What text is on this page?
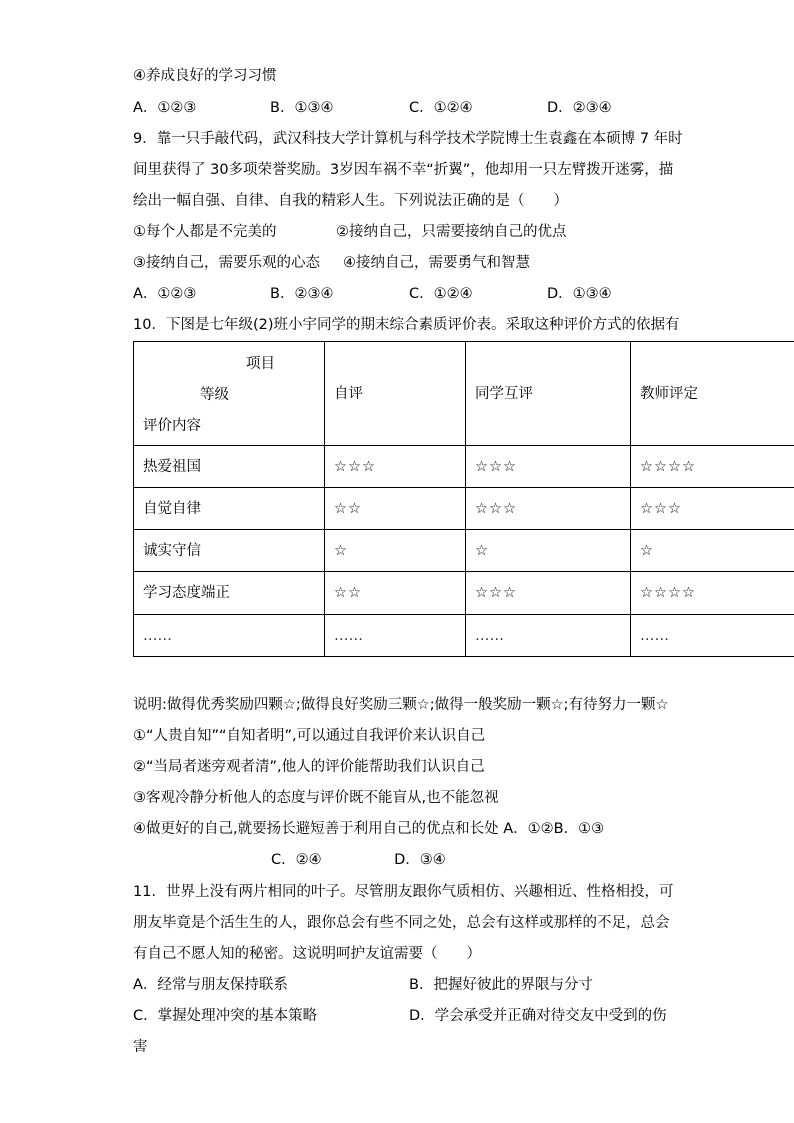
④养成良好的学习习惯
A．①②③	B．①③④	C．①②④	D．②③④
9．靠一只手敲代码，武汉科技大学计算机与科学技术学院博士生袁鑫在本硕博 7 年时
间里获得了 30多项荣誉奖励。3岁因车祸不幸“折翼”，他却用一只左臂拨开迷雾，描
绘出一幅自强、自律、自我的精彩人生。下列说法正确的是（　　）
①每个人都是不完美的	②接纳自己，只需要接纳自己的优点
③接纳自己，需要乐观的心态 ④接纳自己，需要勇气和智慧
A．①②③	B．②③④	C．①②④	D．①③④
10．下图是七年级(2)班小宇同学的期末综合素质评价表。采取这种评价方式的依据有
项目
等级
评价内容	自评	同学互评	教师评定
热爱祖国	☆☆☆	☆☆☆	☆☆☆☆
自觉自律	☆☆	☆☆☆	☆☆☆
诚实守信	☆	☆	☆
学习态度端正	☆☆	☆☆☆	☆☆☆☆
……	……	……	……
说明:做得优秀奖励四颗☆;做得良好奖励三颗☆;做得一般奖励一颗☆;有待努力一颗☆
①“人贵自知”“自知者明”,可以通过自我评价来认识自己
②“当局者迷旁观者清”,他人的评价能帮助我们认识自己
③客观冷静分析他人的态度与评价既不能盲从,也不能忽视
④做更好的自己,就要扬长避短善于利用自己的优点和长处 A．①②B．①③
C．②④　　　　　D．③④
11．世界上没有两片相同的叶子。尽管朋友跟你气质相仿、兴趣相近、性格相投，可
朋友毕竟是个活生生的人，跟你总会有些不同之处，总会有这样或那样的不足，总会
有自己不愿人知的秘密。这说明呵护友谊需要（　　）
A．经常与朋友保持联系	B．把握好彼此的界限与分寸
C．掌握处理冲突的基本策略	D．学会承受并正确对待交友中受到的伤
害
